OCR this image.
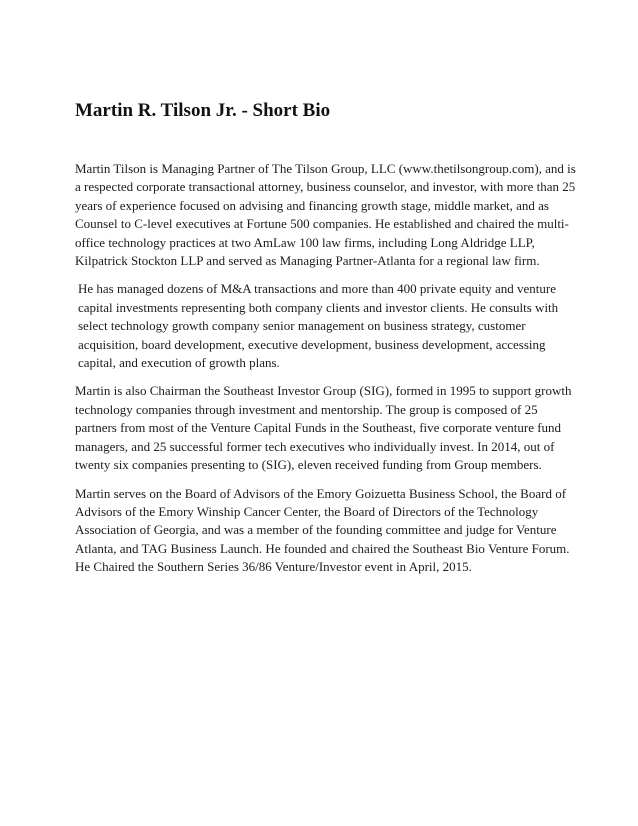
Martin R. Tilson Jr. - Short Bio

Martin Tilson is Managing Partner of The Tilson Group, LLC (www.thetilsongroup.com), and is
a respected corporate transactional attorney, business counselor, and investor, with more than 25
years of experience focused on advising and financing growth stage, middle market, and as
Counsel to C-level executives at Fortune 500 companies. He established and chaired the multi-
office technology practices at two AmLaw 100 law firms, including Long Aldridge LLP,
Kilpatrick Stockton LLP and served as Managing Partner-Atlanta for a regional law firm.

He has managed dozens of M&A transactions and more than 400 private equity and venture
capital investments representing both company clients and investor clients. He consults with
select technology growth company senior management on business strategy, customer
acquisition, board development, executive development, business development, accessing
capital, and execution of growth plans.

Martin is also Chairman the Southeast Investor Group (SIG), formed in 1995 to support growth
technology companies through investment and mentorship. The group is composed of 25
partners from most of the Venture Capital Funds in the Southeast, five corporate venture fund
managers, and 25 successful former tech executives who individually invest. In 2014, out of
twenty six companies presenting to (SIG), eleven received funding from Group members.

Martin serves on the Board of Advisors of the Emory Goizuetta Business School, the Board of
Advisors of the Emory Winship Cancer Center, the Board of Directors of the Technology
Association of Georgia, and was a member of the founding committee and judge for Venture
Atlanta, and TAG Business Launch. He founded and chaired the Southeast Bio Venture Forum.
He Chaired the Southern Series 36/86 Venture/Investor event in April, 2015.
